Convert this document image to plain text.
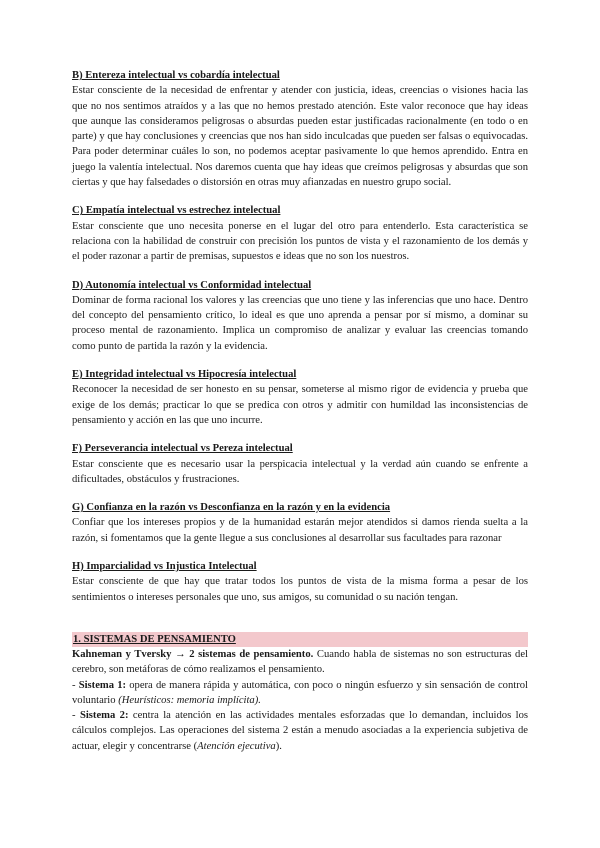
B) Entereza intelectual vs cobardía intelectual

Estar consciente de la necesidad de enfrentar y atender con justicia, ideas, creencias o visiones hacia las que no nos sentimos atraídos y a las que no hemos prestado atención. Este valor reconoce que hay ideas que aunque las consideramos peligrosas o absurdas pueden estar justificadas racionalmente (en todo o en parte) y que hay conclusiones y creencias que nos han sido inculcadas que pueden ser falsas o equivocadas. Para poder determinar cuáles lo son, no podemos aceptar pasivamente lo que hemos aprendido. Entra en juego la valentía intelectual. Nos daremos cuenta que hay ideas que creímos peligrosas y absurdas que son ciertas y que hay falsedades o distorsión en otras muy afianzadas en nuestro grupo social.

C) Empatía intelectual vs estrechez intelectual

Estar consciente que uno necesita ponerse en el lugar del otro para entenderlo. Esta característica se relaciona con la habilidad de construir con precisión los puntos de vista y el razonamiento de los demás y el poder razonar a partir de premisas, supuestos e ideas que no son los nuestros.

D) Autonomía intelectual vs Conformidad intelectual

Dominar de forma racional los valores y las creencias que uno tiene y las inferencias que uno hace. Dentro del concepto del pensamiento crítico, lo ideal es que uno aprenda a pensar por sí mismo, a dominar su proceso mental de razonamiento. Implica un compromiso de analizar y evaluar las creencias tomando como punto de partida la razón y la evidencia.

E) Integridad intelectual vs Hipocresía intelectual

Reconocer la necesidad de ser honesto en su pensar, someterse al mismo rigor de evidencia y prueba que exige de los demás; practicar lo que se predica con otros y admitir con humildad las inconsistencias de pensamiento y acción en las que uno incurre.

F) Perseverancia intelectual vs Pereza intelectual

Estar consciente que es necesario usar la perspicacia intelectual y la verdad aún cuando se enfrente a dificultades, obstáculos y frustraciones.

G) Confianza en la razón vs Desconfianza en la razón y en la evidencia

Confiar que los intereses propios y de la humanidad estarán mejor atendidos si damos rienda suelta a la razón, si fomentamos que la gente llegue a sus conclusiones al desarrollar sus facultades para razonar

H) Imparcialidad vs Injustica Intelectual

Estar consciente de que hay que tratar todos los puntos de vista de la misma forma a pesar de los sentimientos o intereses personales que uno, sus amigos, su comunidad o su nación tengan.

1. SISTEMAS DE PENSAMIENTO

Kahneman y Tversky → 2 sistemas de pensamiento. Cuando habla de sistemas no son estructuras del cerebro, son metáforas de cómo realizamos el pensamiento.

- Sistema 1: opera de manera rápida y automática, con poco o ningún esfuerzo y sin sensación de control voluntario (Heurísticos: memoria implícita).

- Sistema 2: centra la atención en las actividades mentales esforzadas que lo demandan, incluidos los cálculos complejos. Las operaciones del sistema 2 están a menudo asociadas a la experiencia subjetiva de actuar, elegir y concentrarse (Atención ejecutiva).
